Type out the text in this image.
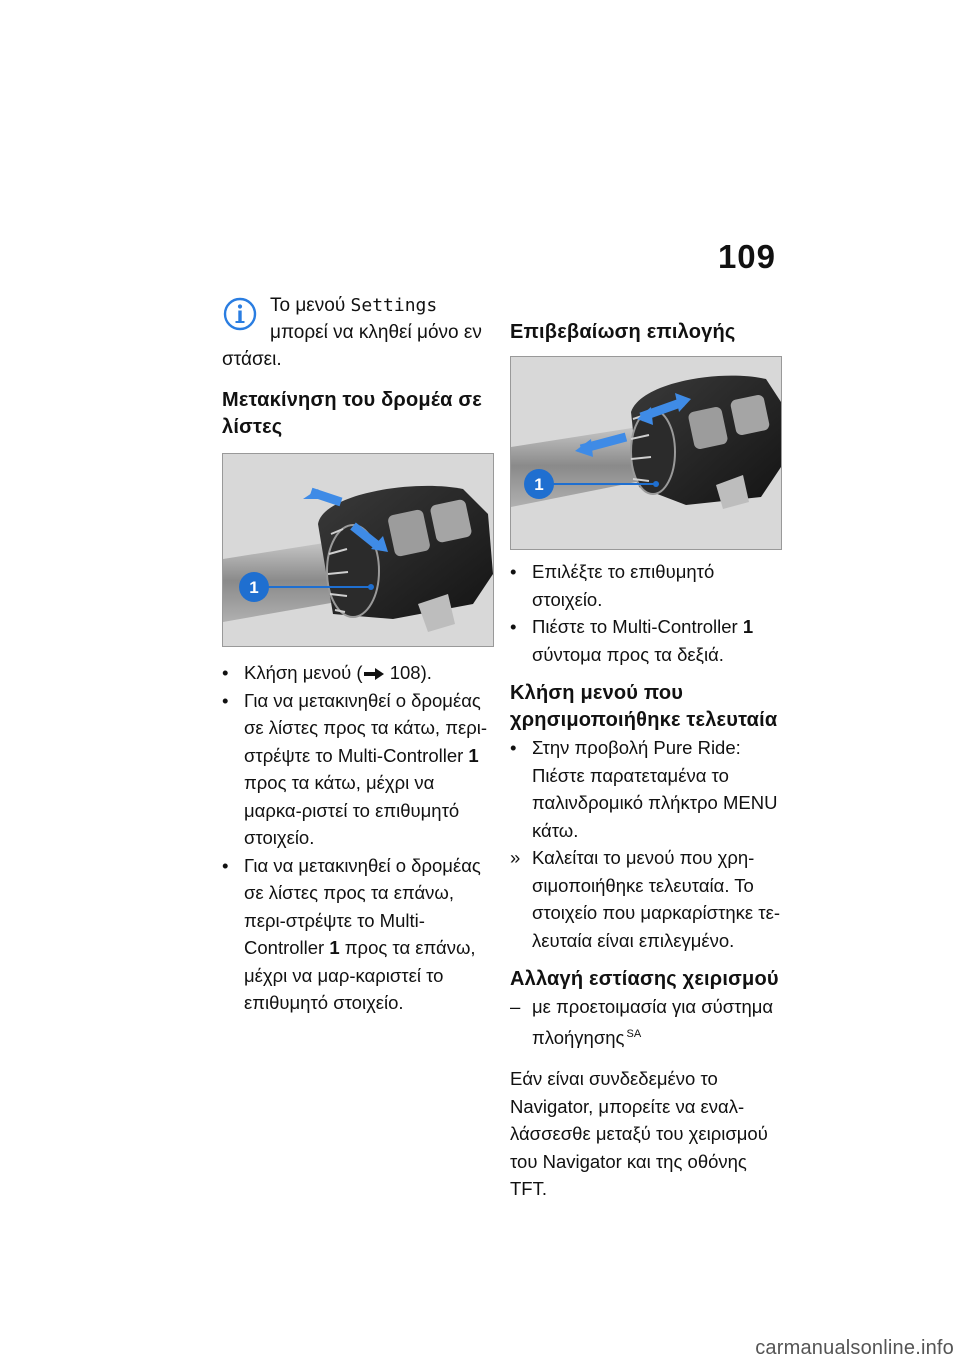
109
Το μενού Settings
μπορεί να κληθεί μόνο εν

στάσει.
Μετακίνηση του δρομέα σε λίστες
1
• Κλήση μενού ( 108).
• Για να μετακινηθεί ο δρομέας σε λίστες προς τα κάτω, περι-στρέψτε το Multi-Controller 1 προς τα κάτω, μέχρι να μαρκα-ριστεί το επιθυμητό στοιχείο.
• Για να μετακινηθεί ο δρομέας σε λίστες προς τα επάνω, περι-στρέψτε το Multi-Controller 1 προς τα επάνω, μέχρι να μαρ-καριστεί το επιθυμητό στοιχείο.
Επιβεβαίωση επιλογής
1
• Επιλέξτε το επιθυμητό στοιχείο.
• Πιέστε το Multi-Controller 1 σύντομα προς τα δεξιά.
Κλήση μενού που χρησιμοποιήθηκε τελευταία
• Στην προβολή Pure Ride: Πιέστε παρατεταμένα το παλινδρομικό πλήκτρο MENU κάτω.
» Καλείται το μενού που χρη-σιμοποιήθηκε τελευταία. Το στοιχείο που μαρκαρίστηκε τε-λευταία είναι επιλεγμένο.
Αλλαγή εστίασης χειρισμού
– με προετοιμασία για σύστημα πλοήγησης $^{SA}$

Εάν είναι συνδεδεμένο το Navigator, μπορείτε να εναλ-λάσσεσθε μεταξύ του χειρισμού του Navigator και της οθόνης TFT.

carmanualsonline.info
